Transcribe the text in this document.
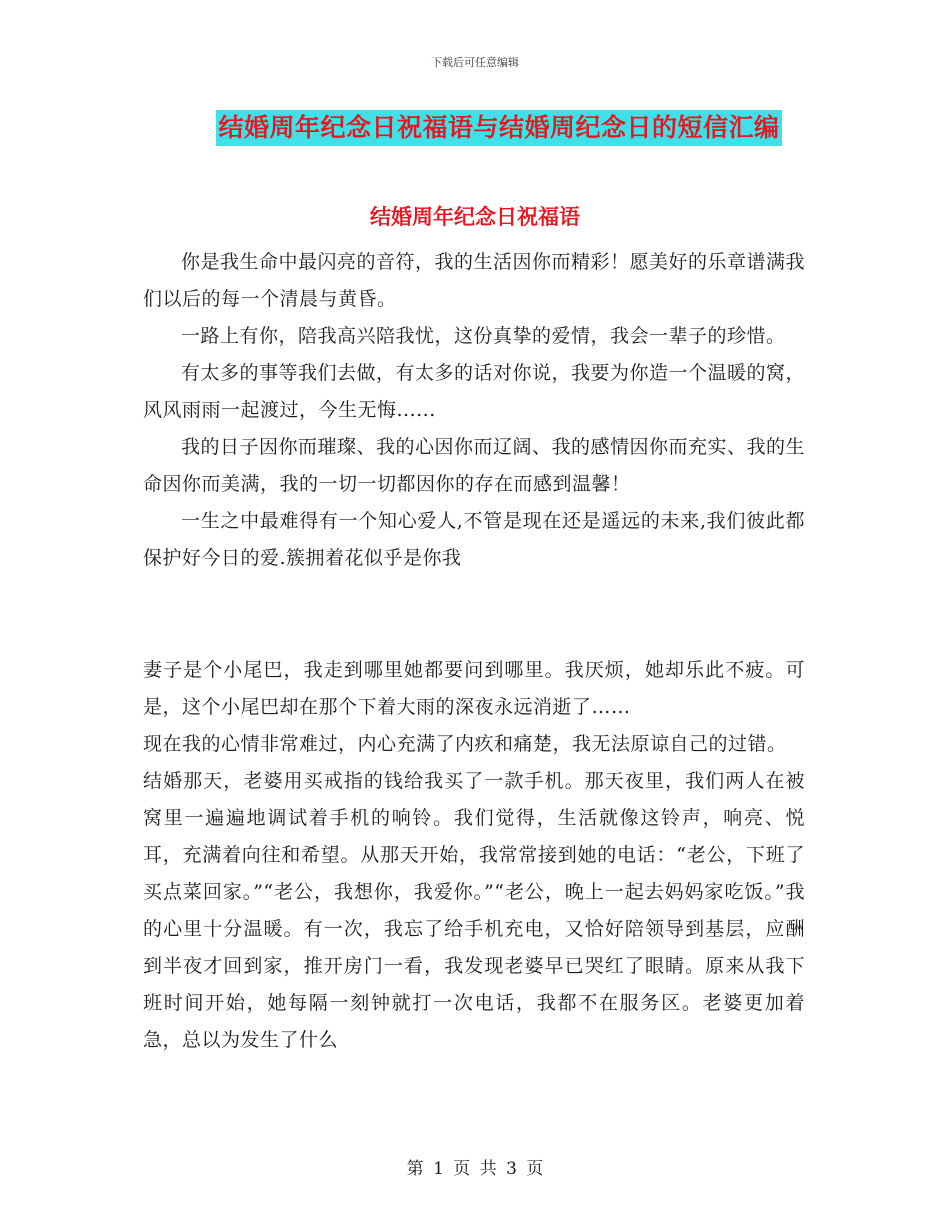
下载后可任意编辑
结婚周年纪念日祝福语与结婚周纪念日的短信汇编
结婚周年纪念日祝福语

你是我生命中最闪亮的音符，我的生活因你而精彩！愿美好的乐章谱满我们以后的每一个清晨与黄昏。

一路上有你，陪我高兴陪我忧，这份真挚的爱情，我会一辈子的珍惜。

有太多的事等我们去做，有太多的话对你说，我要为你造一个温暖的窝，风风雨雨一起渡过，今生无悔......

我的日子因你而璀璨、我的心因你而辽阔、我的感情因你而充实、我的生命因你而美满，我的一切一切都因你的存在而感到温馨！

一生之中最难得有一个知心爱人,不管是现在还是遥远的未来,我们彼此都保护好今日的爱.簇拥着花似乎是你我

妻子是个小尾巴，我走到哪里她都要问到哪里。我厌烦，她却乐此不疲。可是，这个小尾巴却在那个下着大雨的深夜永远消逝了……

现在我的心情非常难过，内心充满了内疚和痛楚，我无法原谅自己的过错。

结婚那天，老婆用买戒指的钱给我买了一款手机。那天夜里，我们两人在被窝里一遍遍地调试着手机的响铃。我们觉得，生活就像这铃声，响亮、悦耳，充满着向往和希望。从那天开始，我常常接到她的电话：“老公，下班了买点菜回家。”“老公，我想你，我爱你。”“老公，晚上一起去妈妈家吃饭。”我的心里十分温暖。有一次，我忘了给手机充电，又恰好陪领导到基层，应酬到半夜才回到家，推开房门一看，我发现老婆早已哭红了眼睛。原来从我下班时间开始，她每隔一刻钟就打一次电话，我都不在服务区。老婆更加着急，总以为发生了什么

第 1 页 共 3 页
